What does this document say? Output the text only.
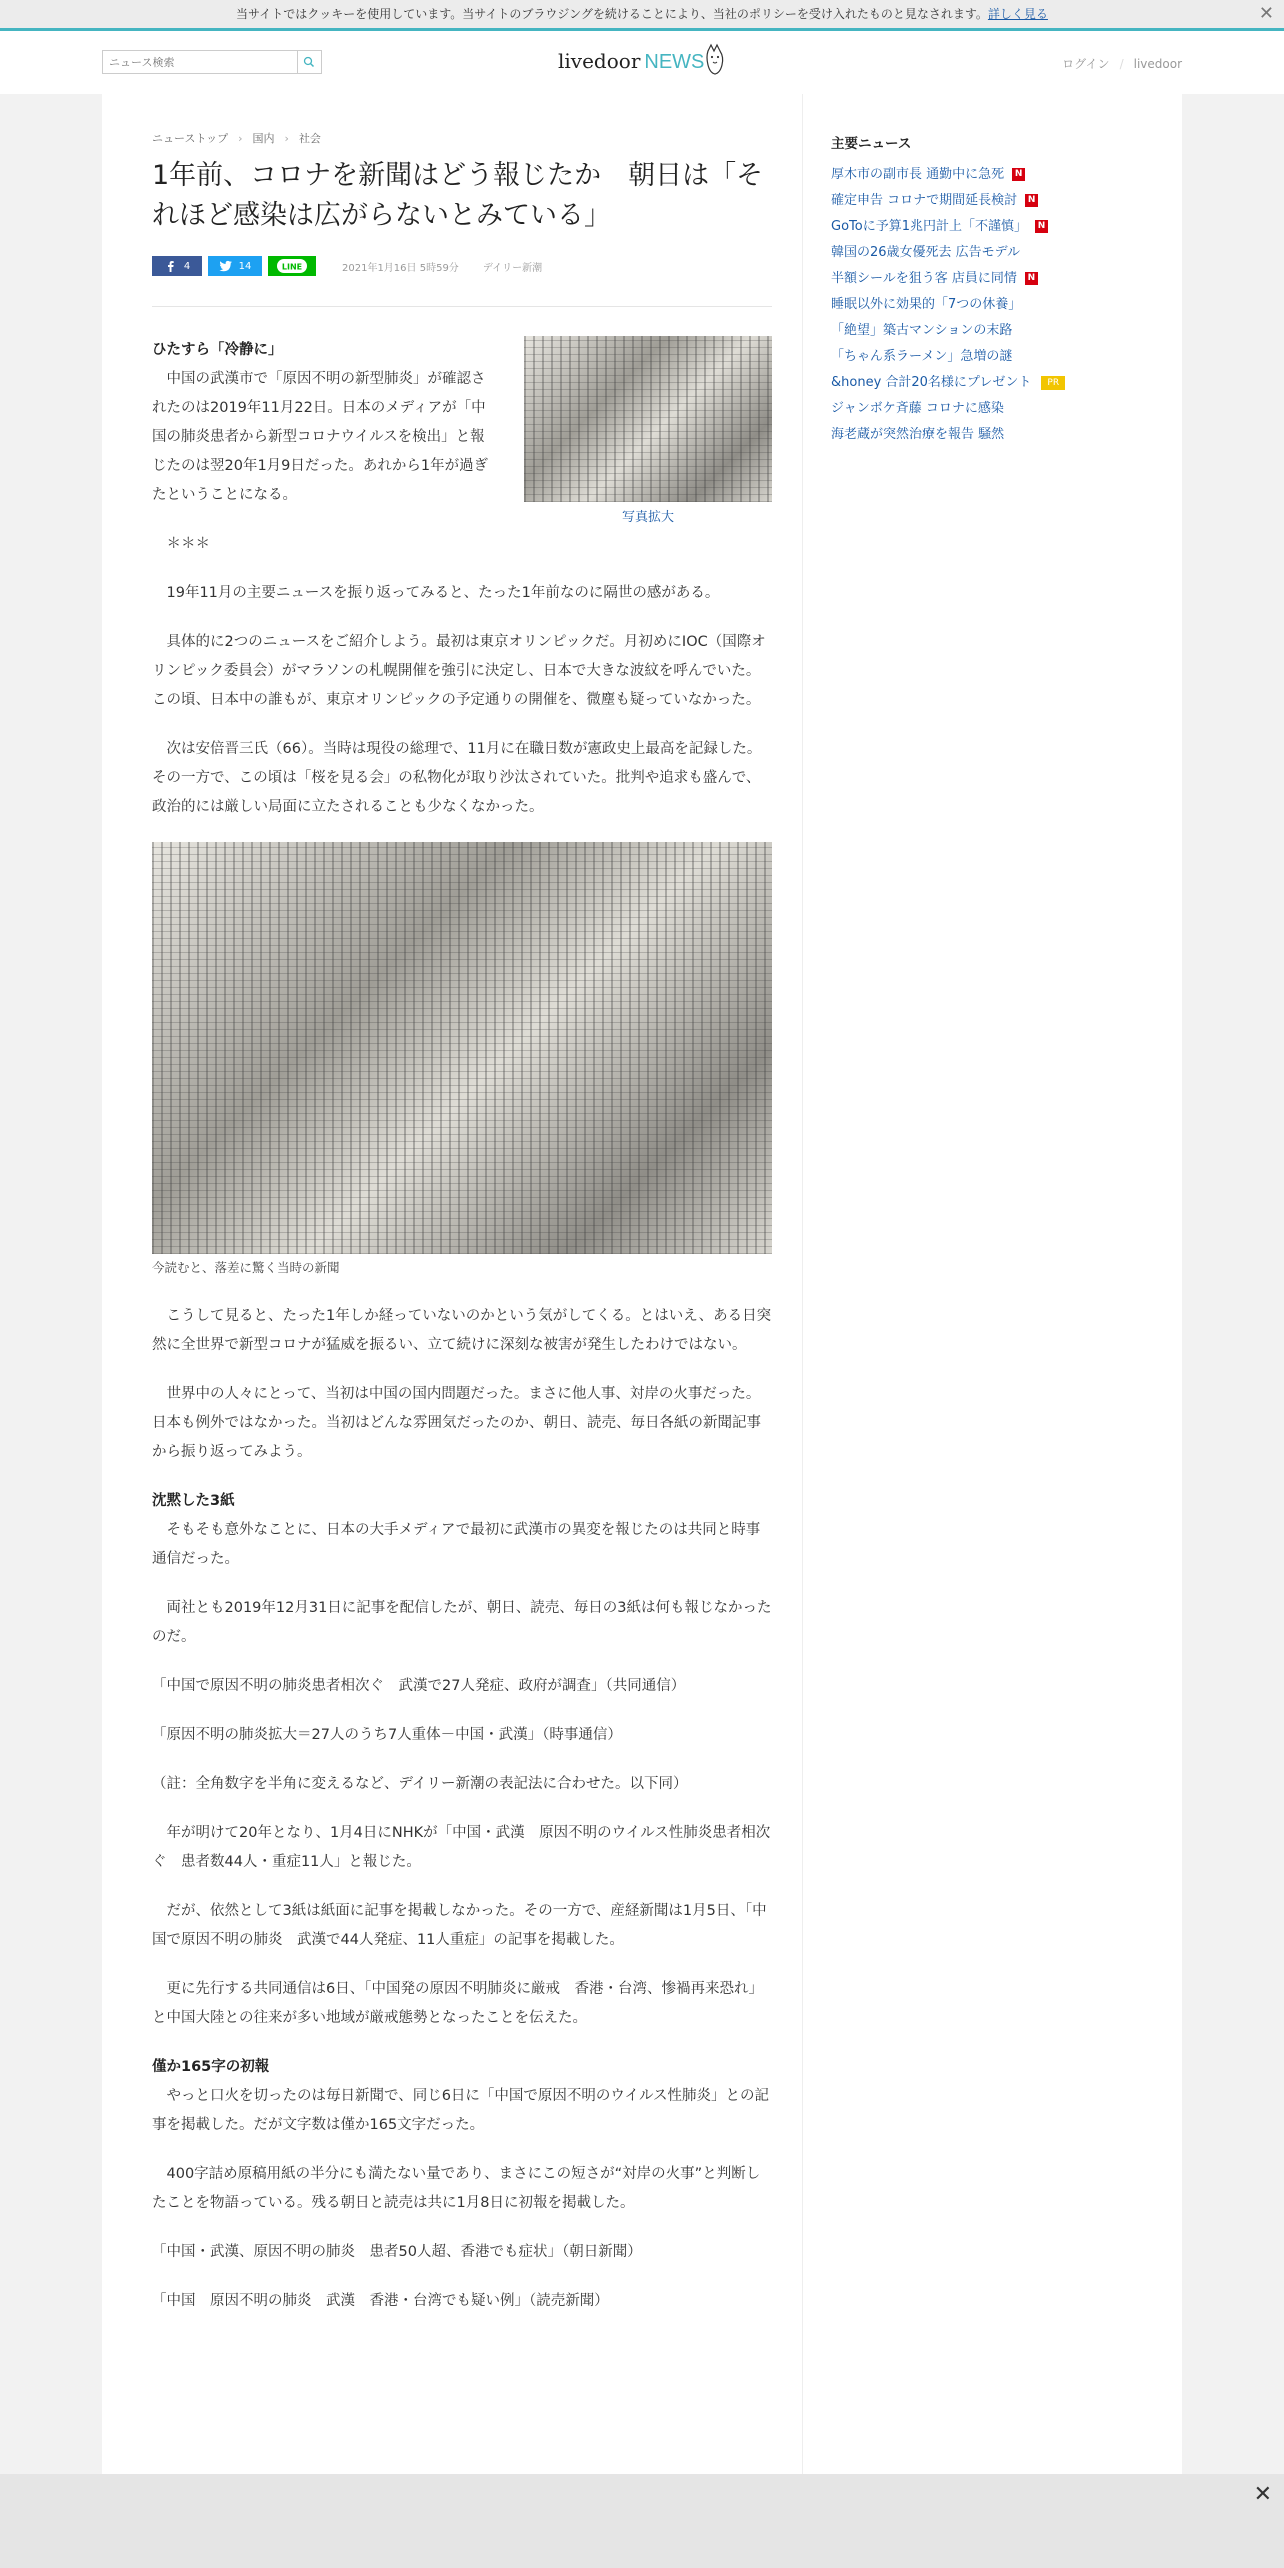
当サイトではクッキーを使用しています。当サイトのブラウジングを続けることにより、当社のポリシーを受け入れたものと見なされます。詳しく見る	✕
ニュース検索
livedoor NEWS	ログイン / livedoor
ニューストップ › 国内 › 社会
1年前、コロナを新聞はどう報じたか　朝日は「それほど感染は広がらないとみている」
4	14	LINE	2021年1月16日 5時59分 デイリー新潮
写真拡大
ひたすら「冷静に」

　中国の武漢市で「原因不明の新型肺炎」が確認されたのは2019年11月22日。日本のメディアが「中国の肺炎患者から新型コロナウイルスを検出」と報じたのは翌20年1月9日だった。あれから1年が過ぎたということになる。

　＊＊＊

　19年11月の主要ニュースを振り返ってみると、たった1年前なのに隔世の感がある。

　具体的に2つのニュースをご紹介しよう。最初は東京オリンピックだ。月初めにIOC（国際オリンピック委員会）がマラソンの札幌開催を強引に決定し、日本で大きな波紋を呼んでいた。この頃、日本中の誰もが、東京オリンピックの予定通りの開催を、微塵も疑っていなかった。

　次は安倍晋三氏（66）。当時は現役の総理で、11月に在職日数が憲政史上最高を記録した。その一方で、この頃は「桜を見る会」の私物化が取り沙汰されていた。批判や追求も盛んで、政治的には厳しい局面に立たされることも少なくなかった。

今読むと、落差に驚く当時の新聞

　こうして見ると、たった1年しか経っていないのかという気がしてくる。とはいえ、ある日突然に全世界で新型コロナが猛威を振るい、立て続けに深刻な被害が発生したわけではない。

　世界中の人々にとって、当初は中国の国内問題だった。まさに他人事、対岸の火事だった。日本も例外ではなかった。当初はどんな雰囲気だったのか、朝日、読売、毎日各紙の新聞記事から振り返ってみよう。

沈黙した3紙

　そもそも意外なことに、日本の大手メディアで最初に武漢市の異変を報じたのは共同と時事通信だった。

　両社とも2019年12月31日に記事を配信したが、朝日、読売、毎日の3紙は何も報じなかったのだ。

「中国で原因不明の肺炎患者相次ぐ　武漢で27人発症、政府が調査」（共同通信）

「原因不明の肺炎拡大＝27人のうち7人重体－中国・武漢」（時事通信）

（註：全角数字を半角に変えるなど、デイリー新潮の表記法に合わせた。以下同）

　年が明けて20年となり、1月4日にNHKが「中国・武漢　原因不明のウイルス性肺炎患者相次ぐ　患者数44人・重症11人」と報じた。

　だが、依然として3紙は紙面に記事を掲載しなかった。その一方で、産経新聞は1月5日、「中国で原因不明の肺炎　武漢で44人発症、11人重症」の記事を掲載した。

　更に先行する共同通信は6日、「中国発の原因不明肺炎に厳戒　香港・台湾、惨禍再来恐れ」と中国大陸との往来が多い地域が厳戒態勢となったことを伝えた。

僅か165字の初報

　やっと口火を切ったのは毎日新聞で、同じ6日に「中国で原因不明のウイルス性肺炎」との記事を掲載した。だが文字数は僅か165文字だった。

　400字詰め原稿用紙の半分にも満たない量であり、まさにこの短さが“対岸の火事”と判断したことを物語っている。残る朝日と読売は共に1月8日に初報を掲載した。

「中国・武漢、原因不明の肺炎　患者50人超、香港でも症状」（朝日新聞）

「中国　原因不明の肺炎　武漢　香港・台湾でも疑い例」（読売新聞）

主要ニュース
厚木市の副市長 通勤中に急死 N
確定申告 コロナで期間延長検討 N
GoToに予算1兆円計上「不謹慎」 N
韓国の26歳女優死去 広告モデル
半額シールを狙う客 店員に同情 N
睡眠以外に効果的「7つの休養」
「絶望」築古マンションの末路
「ちゃん系ラーメン」急増の謎
&honey 合計20名様にプレゼント PR
ジャンボケ斉藤 コロナに感染
海老蔵が突然治療を報告 騒然
✕
